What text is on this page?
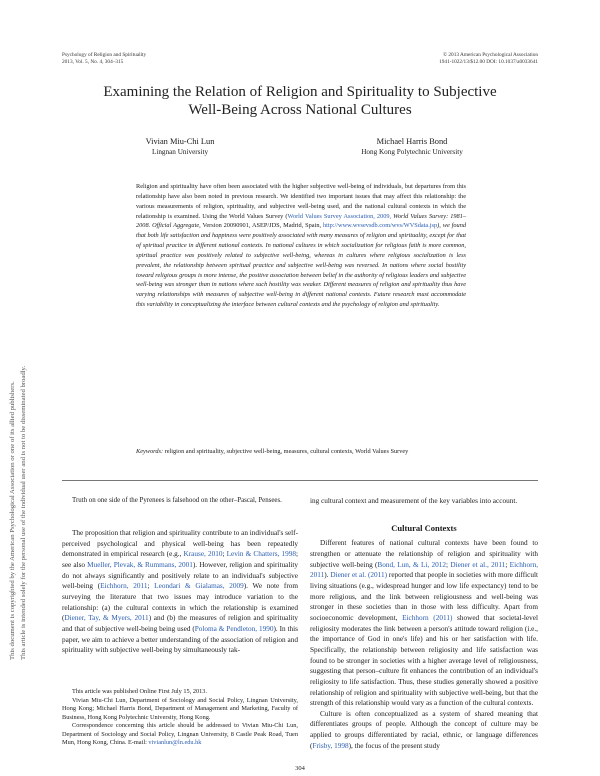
Psychology of Religion and Spirituality
2013, Vol. 5, No. 4, 304–315
© 2013 American Psychological Association
1941-1022/13/$12.00 DOI: 10.1037/a0033641
Examining the Relation of Religion and Spirituality to Subjective
Well-Being Across National Cultures
Vivian Miu-Chi Lun
Lingnan University
Michael Harris Bond
Hong Kong Polytechnic University
Religion and spirituality have often been associated with the higher subjective well-being of individuals, but departures from this relationship have also been noted in previous research. We identified two important issues that may affect this relationship: the various measurements of religion, spirituality, and subjective well-being used, and the national cultural contexts in which the relationship is examined. Using the World Values Survey (World Values Survey Association, 2009, World Values Survey: 1981–2008. Official Aggregate, Version 20090901, ASEP/JDS, Madrid, Spain, http://www.wvsevsdb.com/wvs/WVSdata.jsp), we found that both life satisfaction and happiness were positively associated with many measures of religion and spirituality, except for that of spiritual practice in different national contexts. In national cultures in which socialization for religious faith is more common, spiritual practice was positively related to subjective well-being, whereas in cultures where religious socialization is less prevalent, the relationship between spiritual practice and subjective well-being was reversed. In nations where social hostility toward religious groups is more intense, the positive association between belief in the authority of religious leaders and subjective well-being was stronger than in nations where such hostility was weaker. Different measures of religion and spirituality thus have varying relationships with measures of subjective well-being in different national contexts. Future research must accommodate this variability in conceptualizing the interface between cultural contexts and the psychology of religion and spirituality.
Keywords: religion and spirituality, subjective well-being, measures, cultural contexts, World Values Survey
This document is copyrighted by the American Psychological Association or one of its allied publishers. This article is intended solely for the personal use of the individual user and is not to be disseminated broadly.	Truth on one side of the Pyrenees is falsehood on the other–Pascal, Pensees.

The proposition that religion and spirituality contribute to an individual's self-perceived psychological and physical well-being has been repeatedly demonstrated in empirical research (e.g., Krause, 2010; Levin & Chatters, 1998; see also Mueller, Plevak, & Rummans, 2001). However, religion and spirituality do not always significantly and positively relate to an individual's subjective well-being (Eichhorn, 2011; Leondari & Gialamas, 2009). We note from surveying the literature that two issues may introduce variation to the relationship: (a) the cultural contexts in which the relationship is examined (Diener, Tay, & Myers, 2011) and (b) the measures of religion and spirituality and that of subjective well-being being used (Poloma & Pendleton, 1990). In this paper, we aim to achieve a better understanding of the association of religion and spirituality with subjective well-being by simultaneously tak-

This article was published Online First July 15, 2013.

Vivian Miu-Chi Lun, Department of Sociology and Social Policy, Lingnan University, Hong Kong; Michael Harris Bond, Department of Management and Marketing, Faculty of Business, Hong Kong Polytechnic University, Hong Kong.

Correspondence concerning this article should be addressed to Vivian Miu-Chi Lun, Department of Sociology and Social Policy, Lingnan University, 8 Castle Peak Road, Tuen Mun, Hong Kong, China. E-mail: vivianlun@ln.edu.hk

ing cultural context and measurement of the key variables into account.
Cultural Contexts

Different features of national cultural contexts have been found to strengthen or attenuate the relationship of religion and spirituality with subjective well-being (Bond, Lun, & Li, 2012; Diener et al., 2011; Eichhorn, 2011). Diener et al. (2011) reported that people in societies with more difficult living situations (e.g., widespread hunger and low life expectancy) tend to be more religious, and the link between religiousness and well-being was stronger in these societies than in those with less difficulty. Apart from socioeconomic development, Eichhorn (2011) showed that societal-level religiosity moderates the link between a person's attitude toward religion (i.e., the importance of God in one's life) and his or her satisfaction with life. Specifically, the relationship between religiosity and life satisfaction was found to be stronger in societies with a higher average level of religiousness, suggesting that person–culture fit enhances the contribution of an individual's religiosity to life satisfaction. Thus, these studies generally showed a positive relationship of religion and spirituality with subjective well-being, but that the strength of this relationship would vary as a function of the cultural contexts.

Culture is often conceptualized as a system of shared meaning that differentiates groups of people. Although the concept of culture may be applied to groups differentiated by racial, ethnic, or language differences (Frisby, 1998), the focus of the present study

304
